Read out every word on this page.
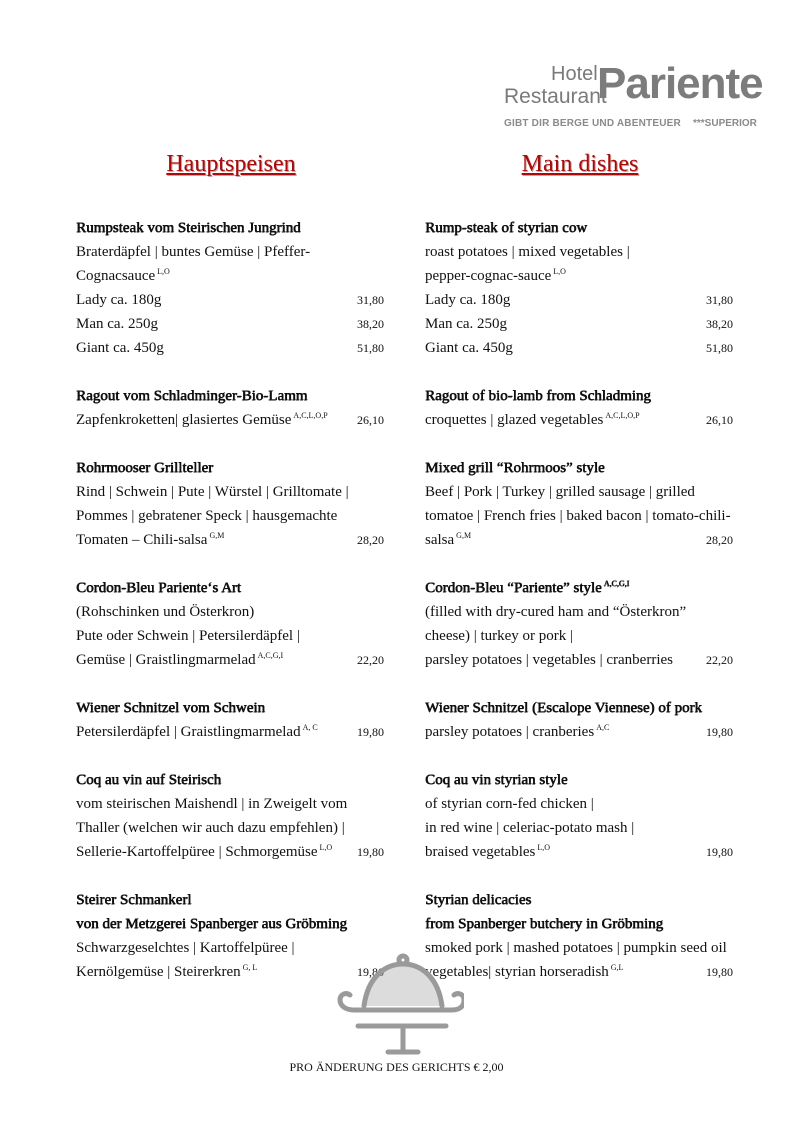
Hotel
Restaurant
Pariente
GIBT DIR BERGE UND ABENTEUER ***SUPERIOR
Hauptspeisen
Rumpsteak vom Steirischen Jungrind
Braterdäpfel | buntes Gemüse | Pfeffer-
Cognacsauce $^{L,O}$
Lady ca. 180g	31,80
Man ca. 250g	38,20
Giant ca. 450g	51,80
Ragout vom Schladminger-Bio-Lamm
Zapfenkroketten| glasiertes Gemüse $^{A,C,L,O,P}$ 26,10
Rohrmooser Grillteller
Rind | Schwein | Pute | Würstel | Grilltomate |
Pommes | gebratener Speck | hausgemachte
Tomaten – Chili-salsa $^{G,M}$	28,20
Cordon-Bleu Pariente‘s Art
(Rohschinken und Österkron)
Pute oder Schwein | Petersilerdäpfel |
Gemüse | Graistlingmarmelad $^{A,C,G,I}$	22,20
Wiener Schnitzel vom Schwein
Petersilerdäpfel | Graistlingmarmelad $^{A, C}$	19,80
Coq au vin auf Steirisch
vom steirischen Maishendl | in Zweigelt vom
Thaller (welchen wir auch dazu empfehlen) |
Sellerie-Kartoffelpüree | Schmorgemüse $^{L,O}$ 19,80
Steirer Schmankerl
von der Metzgerei Spanberger aus Gröbming
Schwarzgeselchtes | Kartoffelpüree |
Kernölgemüse | Steirerkren $^{G, L}$	19,80
Main dishes
Rump-steak of styrian cow
roast potatoes | mixed vegetables |
pepper-cognac-sauce $^{L,O}$
Lady ca. 180g	31,80
Man ca. 250g	38,20
Giant ca. 450g	51,80
Ragout of bio-lamb from Schladming
croquettes | glazed vegetables $^{A,C,L,O,P}$	26,10
Mixed grill “Rohrmoos” style
Beef | Pork | Turkey | grilled sausage | grilled
tomatoe | French fries | baked bacon | tomato-chili-
salsa $^{G,M}$	28,20
Cordon-Bleu “Pariente” style $^{A,C,G,I}$
(filled with dry-cured ham and “Österkron”
cheese) | turkey or pork |
parsley potatoes | vegetables | cranberries	22,20
Wiener Schnitzel (Escalope Viennese) of pork
parsley potatoes | cranberies $^{A,C}$	19,80
Coq au vin styrian style
of styrian corn-fed chicken |
in red wine | celeriac-potato mash |
braised vegetables $^{L,O}$	19,80
Styrian delicacies
from Spanberger butchery in Gröbming
smoked pork | mashed potatoes | pumpkin seed oil
vegetables| styrian horseradish $^{G,L}$	19,80
PRO ÄNDERUNG DES GERICHTS € 2,00
